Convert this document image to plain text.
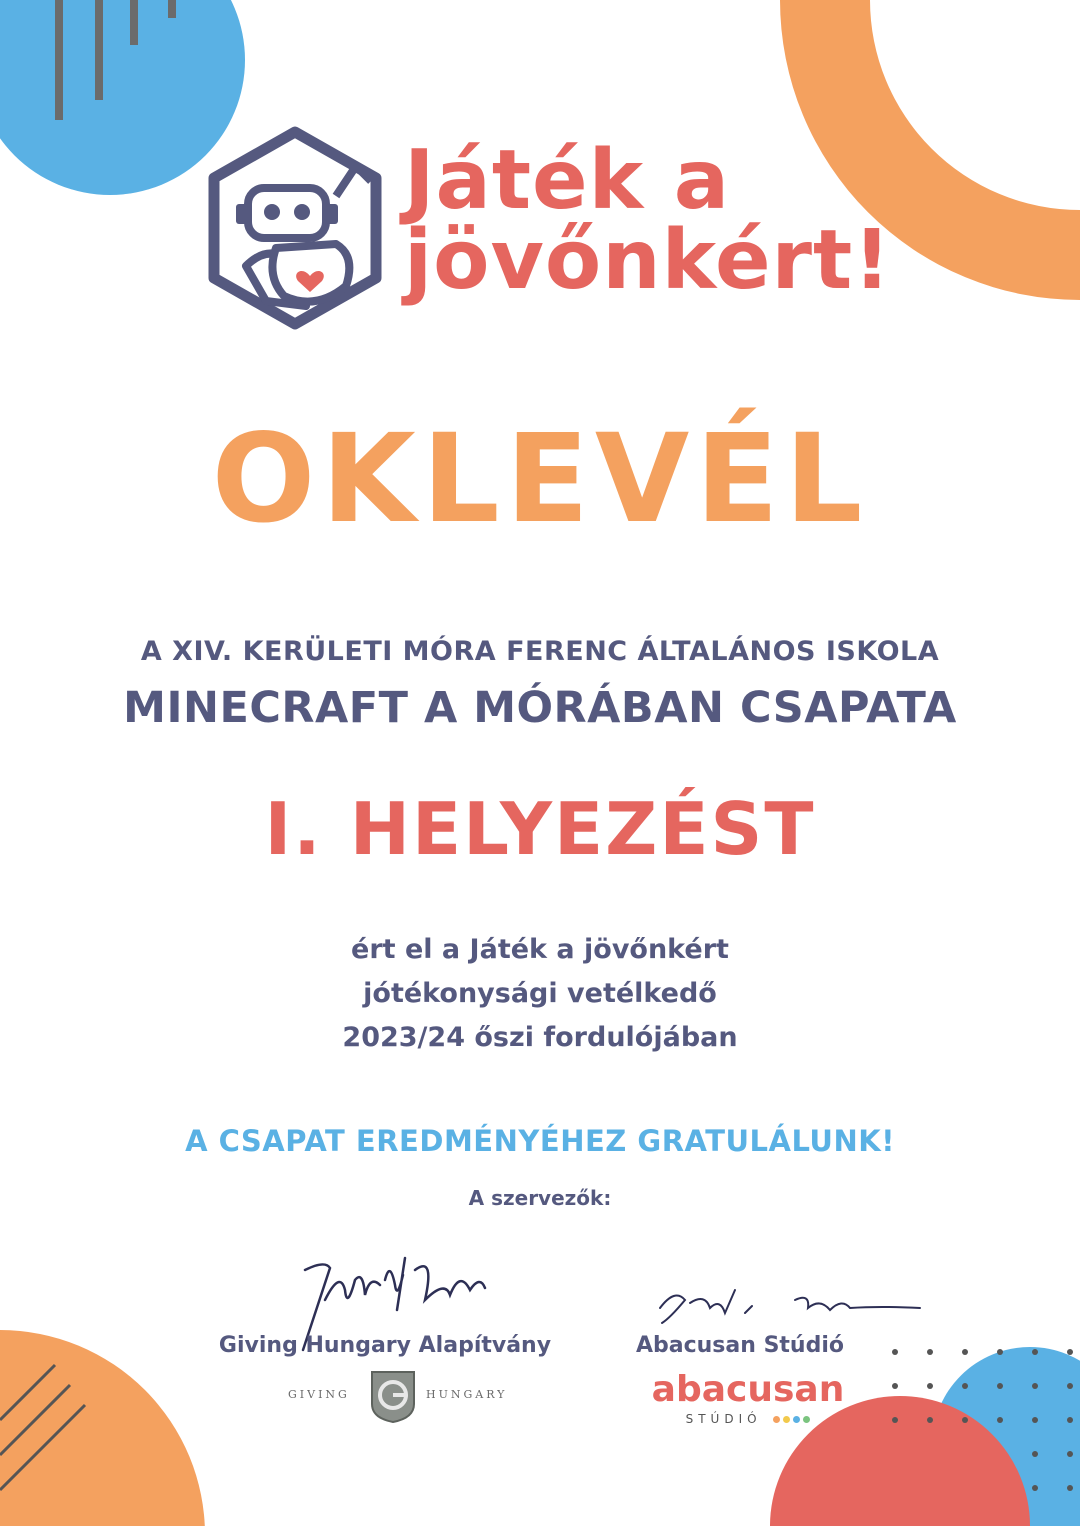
Játék a
jövőnkért!
OKLEVÉL
A XIV. KERÜLETI MÓRA FERENC ÁLTALÁNOS ISKOLA
MINECRAFT A MÓRÁBAN CSAPATA
I. HELYEZÉST
ért el a Játék a jövőnkért
jótékonysági vetélkedő
2023/24 őszi fordulójában
A CSAPAT EREDMÉNYÉHEZ GRATULÁLUNK!
A szervezők:
Giving Hungary Alapítvány	Abacusan Stúdió
GIVING	HUNGARY	abacusan
STÚDIÓ
